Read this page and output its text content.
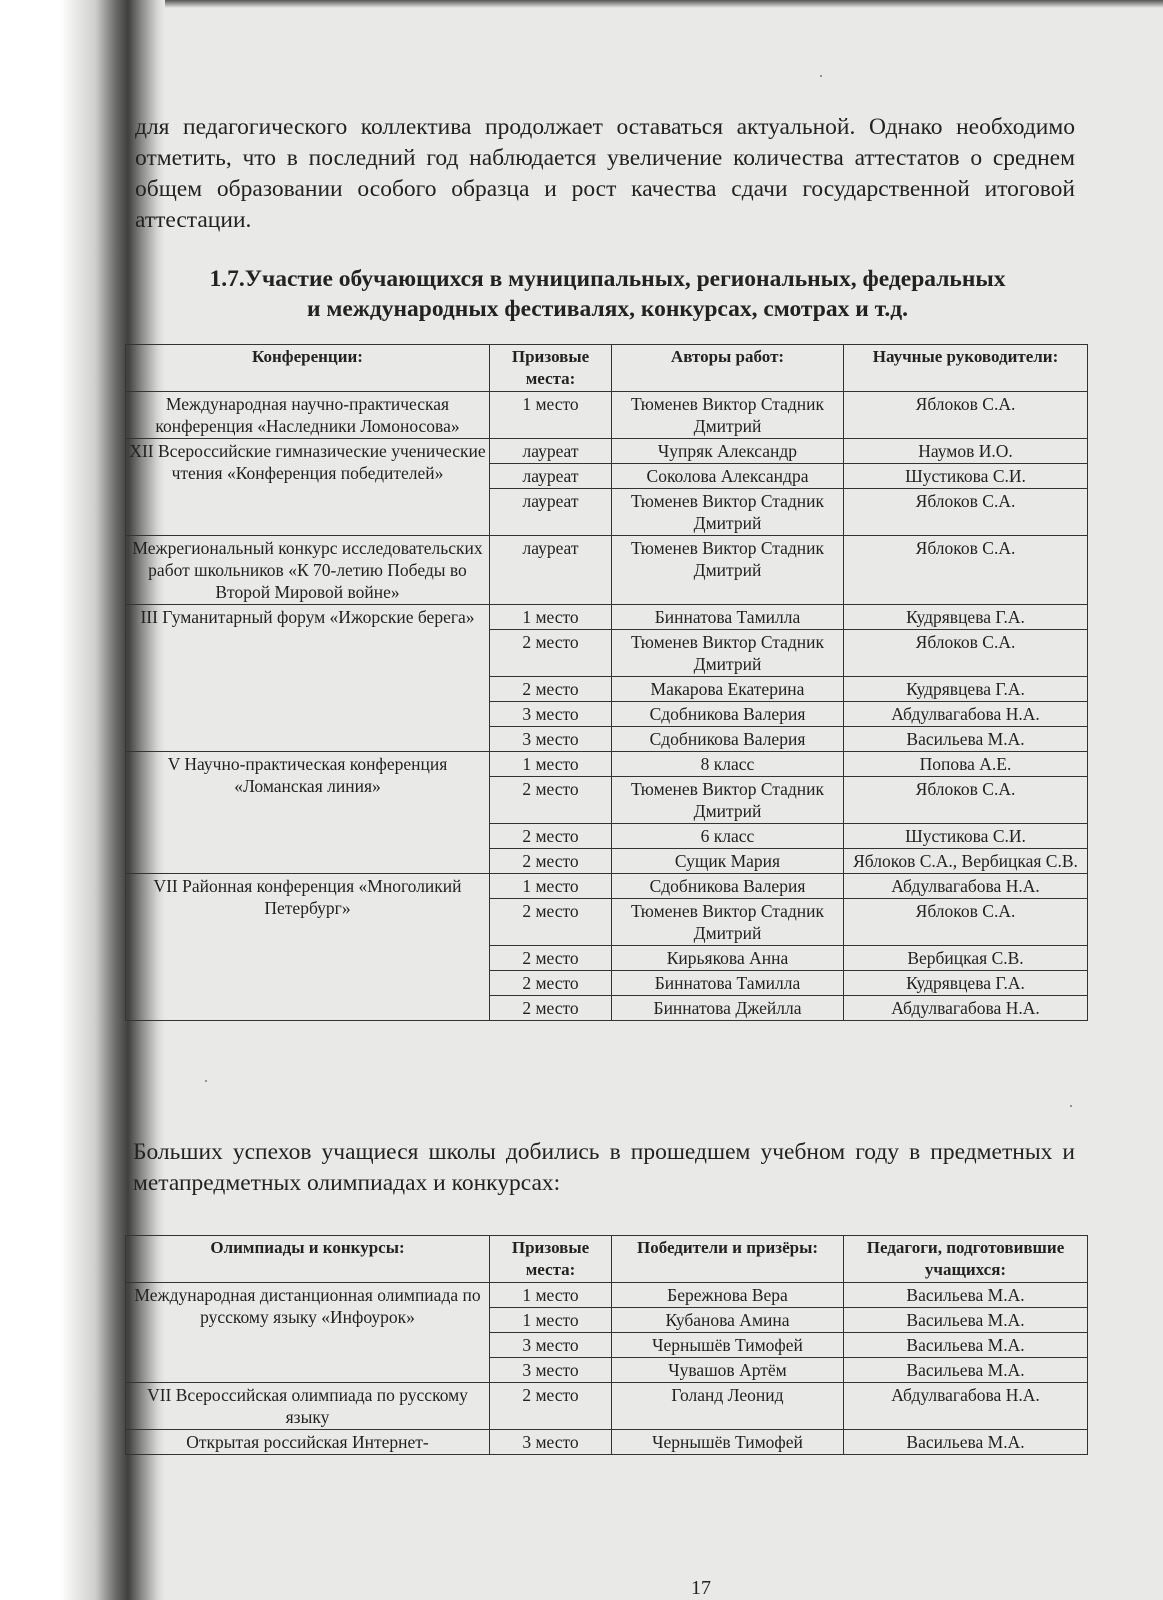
для педагогического коллектива продолжает оставаться актуальной. Однако необходимо отметить, что в последний год наблюдается увеличение количества аттестатов о среднем общем образовании особого образца и рост качества сдачи государственной итоговой аттестации.

1.7.Участие обучающихся в муниципальных, региональных, федеральных
и международных фестивалях, конкурсах, смотрах и т.д.
Конференции:	Призовые места:	Авторы работ:	Научные руководители:
Международная научно-практическая конференция «Наследники Ломоносова»	1 место	Тюменев Виктор Стадник Дмитрий	Яблоков С.А.
XII Всероссийские гимназические ученические чтения «Конференция победителей»	лауреат	Чупряк Александр	Наумов И.О.
	лауреат	Соколова Александра	Шустикова С.И.
	лауреат	Тюменев Виктор Стадник Дмитрий	Яблоков С.А.
Межрегиональный конкурс исследовательских работ школьников «К 70-летию Победы во Второй Мировой войне»	лауреат	Тюменев Виктор Стадник Дмитрий	Яблоков С.А.
III Гуманитарный форум «Ижорские берега»	1 место	Биннатова Тамилла	Кудрявцева Г.А.
	2 место	Тюменев Виктор Стадник Дмитрий	Яблоков С.А.
	2 место	Макарова Екатерина	Кудрявцева Г.А.
	3 место	Сдобникова Валерия	Абдулвагабова Н.А.
	3 место	Сдобникова Валерия	Васильева М.А.
V Научно-практическая конференция «Ломанская линия»	1 место	8 класс	Попова А.Е.
	2 место	Тюменев Виктор Стадник Дмитрий	Яблоков С.А.
	2 место	6 класс	Шустикова С.И.
	2 место	Сущик Мария	Яблоков С.А., Вербицкая С.В.
VII Районная конференция «Многоликий Петербург»	1 место	Сдобникова Валерия	Абдулвагабова Н.А.
	2 место	Тюменев Виктор Стадник Дмитрий	Яблоков С.А.
	2 место	Кирьякова Анна	Вербицкая С.В.
	2 место	Биннатова Тамилла	Кудрявцева Г.А.
	2 место	Биннатова Джейлла	Абдулвагабова Н.А.

Больших успехов учащиеся школы добились в прошедшем учебном году в предметных и метапредметных олимпиадах и конкурсах:

Олимпиады и конкурсы:	Призовые места:	Победители и призёры:	Педагоги, подготовившие учащихся:
Международная дистанционная олимпиада по русскому языку «Инфоурок»	1 место	Бережнова Вера	Васильева М.А.
	1 место	Кубанова Амина	Васильева М.А.
	3 место	Чернышёв Тимофей	Васильева М.А.
	3 место	Чувашов Артём	Васильева М.А.
VII Всероссийская олимпиада по русскому языку	2 место	Голанд Леонид	Абдулвагабова Н.А.
Открытая российская Интернет-	3 место	Чернышёв Тимофей	Васильева М.А.
17
